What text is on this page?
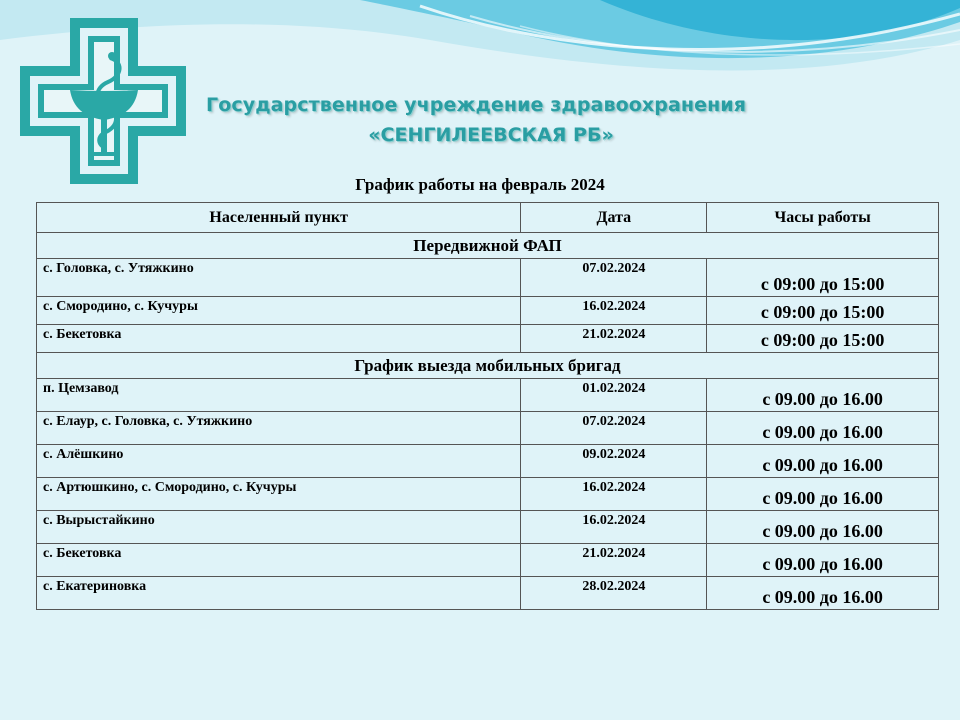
Государственное учреждение здравоохранения
«СЕНГИЛЕЕВСКАЯ РБ»
График работы на февраль 2024
Населенный пункт	Дата	Часы работы
Передвижной ФАП		
с. Головка, с. Утяжкино	07.02.2024	с 09:00 до 15:00
с. Смородино, с. Кучуры	16.02.2024	с 09:00 до 15:00
с. Бекетовка	21.02.2024	с 09:00 до 15:00
График выезда мобильных бригад		
п. Цемзавод	01.02.2024	с 09.00 до 16.00
с. Елаур, с. Головка, с. Утяжкино	07.02.2024	с 09.00 до 16.00
с. Алёшкино	09.02.2024	с 09.00 до 16.00
с. Артюшкино, с. Смородино, с. Кучуры	16.02.2024	с 09.00 до 16.00
с. Вырыстайкино	16.02.2024	с 09.00 до 16.00
с. Бекетовка	21.02.2024	с 09.00 до 16.00
с. Екатериновка	28.02.2024	с 09.00 до 16.00
